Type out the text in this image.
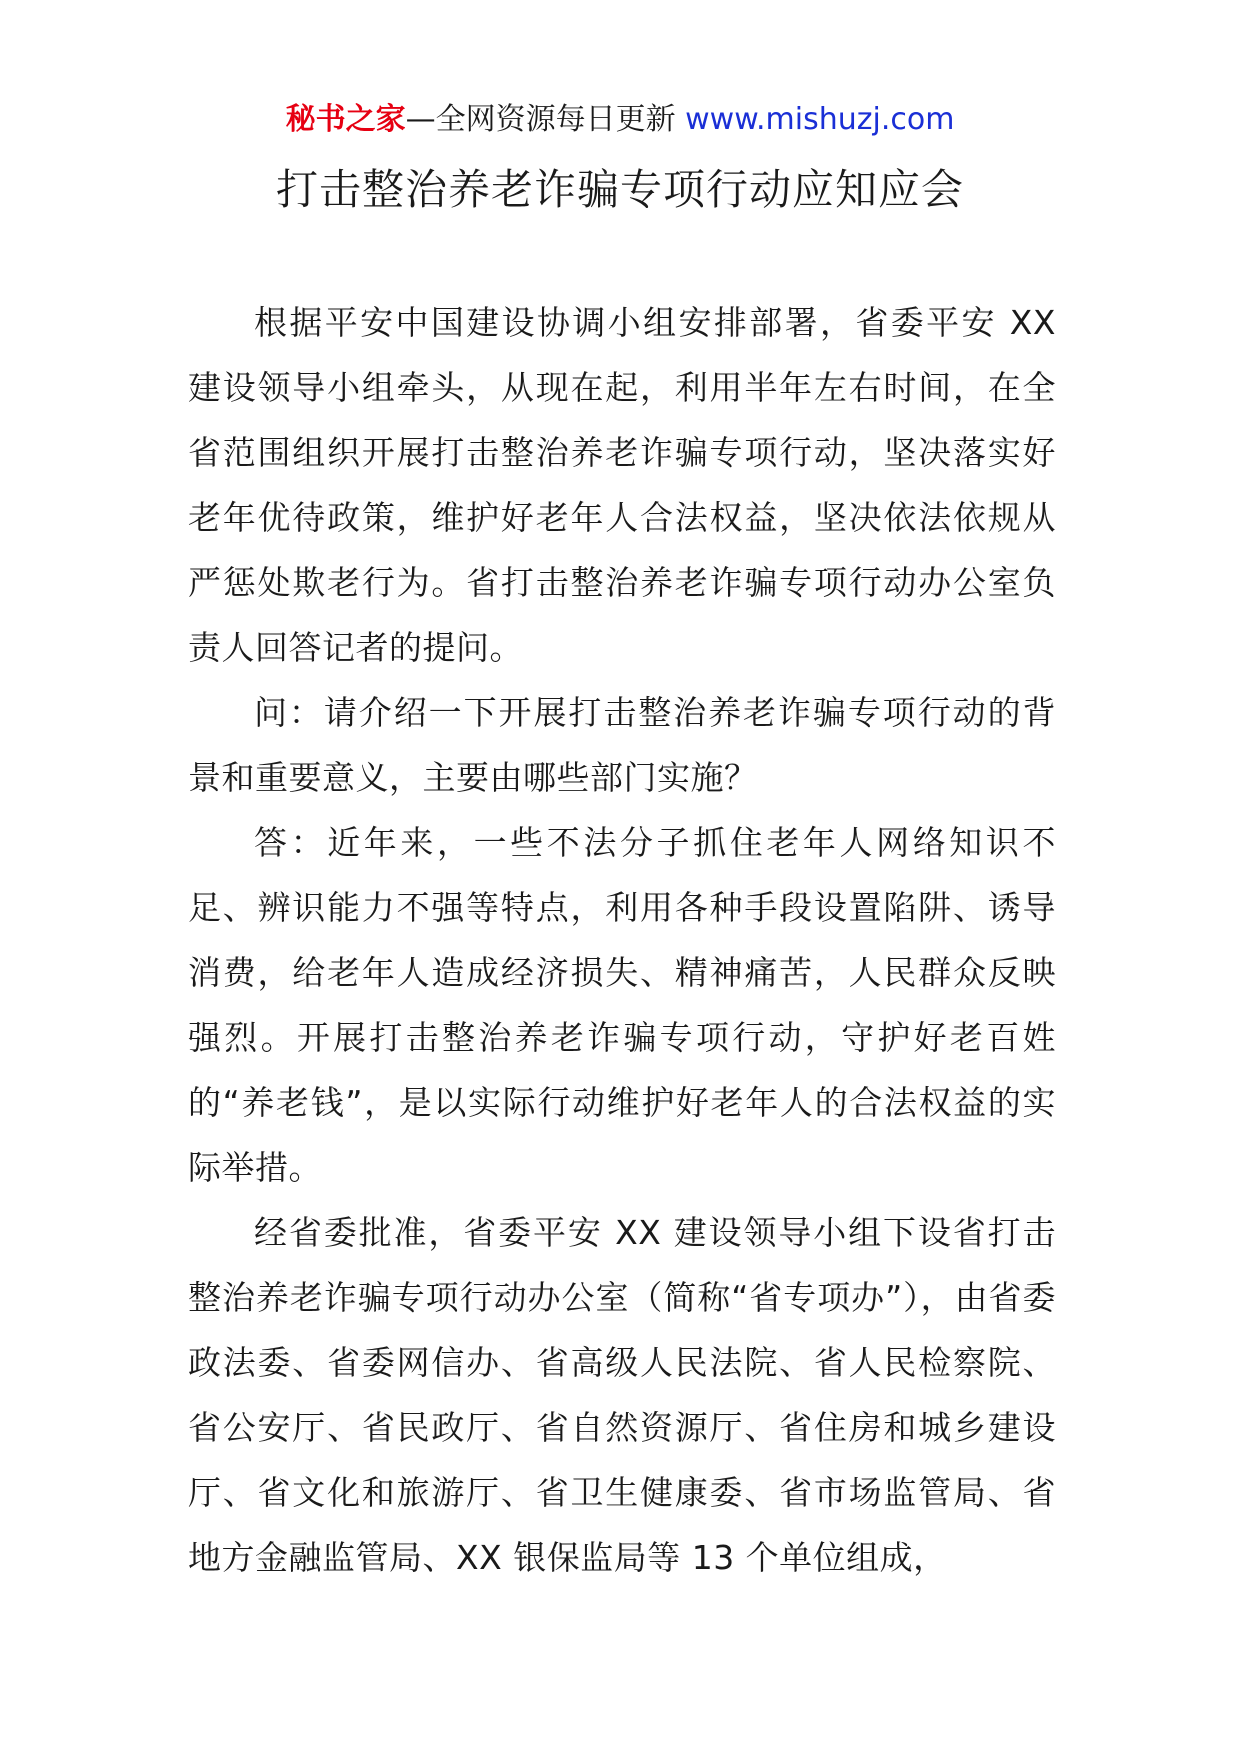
秘书之家—全网资源每日更新 www.mishuzj.com
打击整治养老诈骗专项行动应知应会

根据平安中国建设协调小组安排部署，省委平安 XX 建设领导小组牵头，从现在起，利用半年左右时间，在全省范围组织开展打击整治养老诈骗专项行动，坚决落实好老年优待政策，维护好老年人合法权益，坚决依法依规从严惩处欺老行为。省打击整治养老诈骗专项行动办公室负责人回答记者的提问。

问：请介绍一下开展打击整治养老诈骗专项行动的背景和重要意义，主要由哪些部门实施？

答：近年来，一些不法分子抓住老年人网络知识不足、辨识能力不强等特点，利用各种手段设置陷阱、诱导消费，给老年人造成经济损失、精神痛苦，人民群众反映强烈。开展打击整治养老诈骗专项行动，守护好老百姓的“养老钱”，是以实际行动维护好老年人的合法权益的实际举措。

经省委批准，省委平安 XX 建设领导小组下设省打击整治养老诈骗专项行动办公室（简称“省专项办”），由省委政法委、省委网信办、省高级人民法院、省人民检察院、省公安厅、省民政厅、省自然资源厅、省住房和城乡建设厅、省文化和旅游厅、省卫生健康委、省市场监管局、省地方金融监管局、XX 银保监局等 13 个单位组成，
